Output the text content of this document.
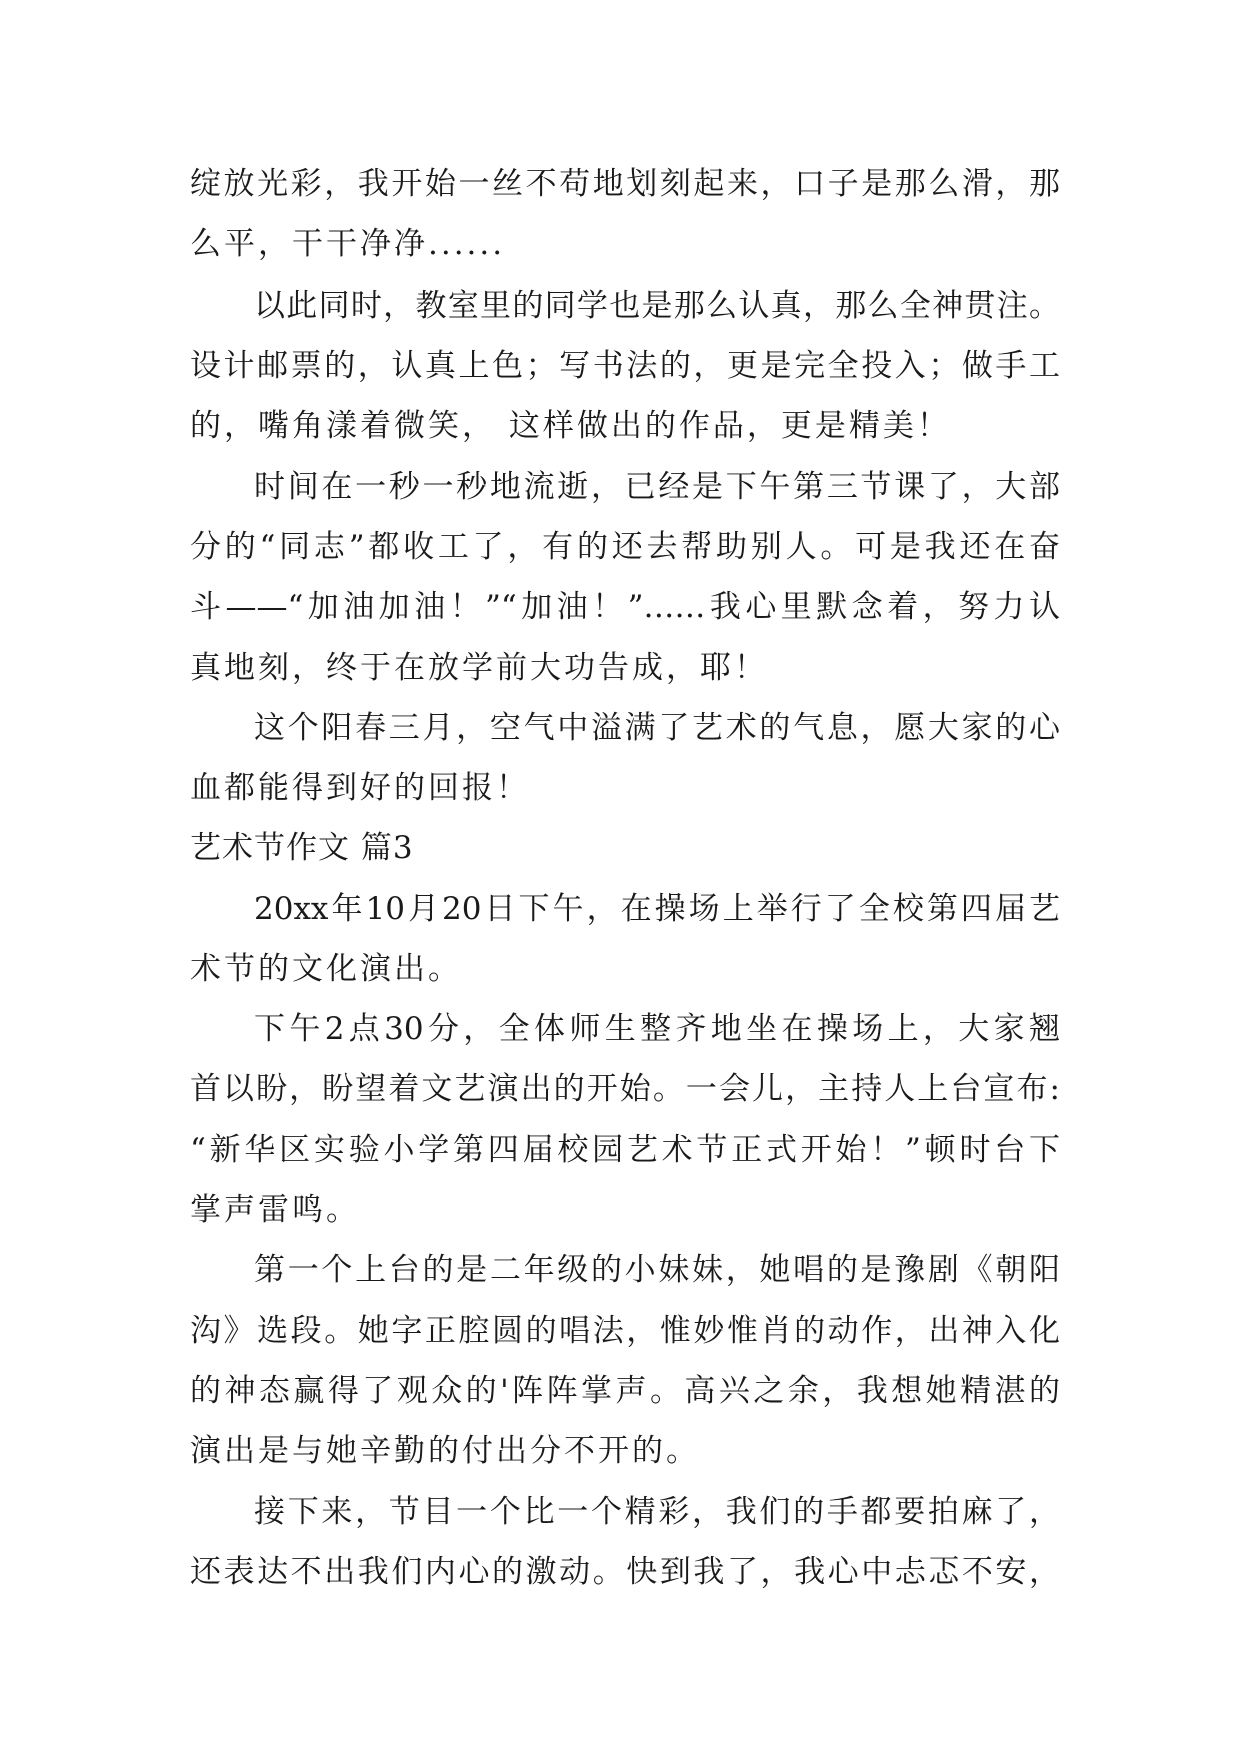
绽放光彩，我开始一丝不苟地划刻起来，口子是那么滑，那
么平，干干净净......
以此同时，教室里的同学也是那么认真，那么全神贯注。
设计邮票的，认真上色；写书法的，更是完全投入；做手工
的，嘴角漾着微笑， 这样做出的作品，更是精美！
时间在一秒一秒地流逝，已经是下午第三节课了，大部
分的“同志”都收工了，有的还去帮助别人。可是我还在奋
斗——“加油加油！”“加油！”……我心里默念着，努力认
真地刻，终于在放学前大功告成，耶！
这个阳春三月，空气中溢满了艺术的气息，愿大家的心
血都能得到好的回报！
艺术节作文 篇3
20xx年10月20日下午，在操场上举行了全校第四届艺
术节的文化演出。
下午2点30分，全体师生整齐地坐在操场上，大家翘
首以盼，盼望着文艺演出的开始。一会儿，主持人上台宣布:
“新华区实验小学第四届校园艺术节正式开始！”顿时台下
掌声雷鸣。
第一个上台的是二年级的小妹妹，她唱的是豫剧《朝阳
沟》选段。她字正腔圆的唱法，惟妙惟肖的动作，出神入化
的神态赢得了观众的'阵阵掌声。高兴之余，我想她精湛的
演出是与她辛勤的付出分不开的。
接下来，节目一个比一个精彩，我们的手都要拍麻了，
还表达不出我们内心的激动。快到我了，我心中忐忑不安，
